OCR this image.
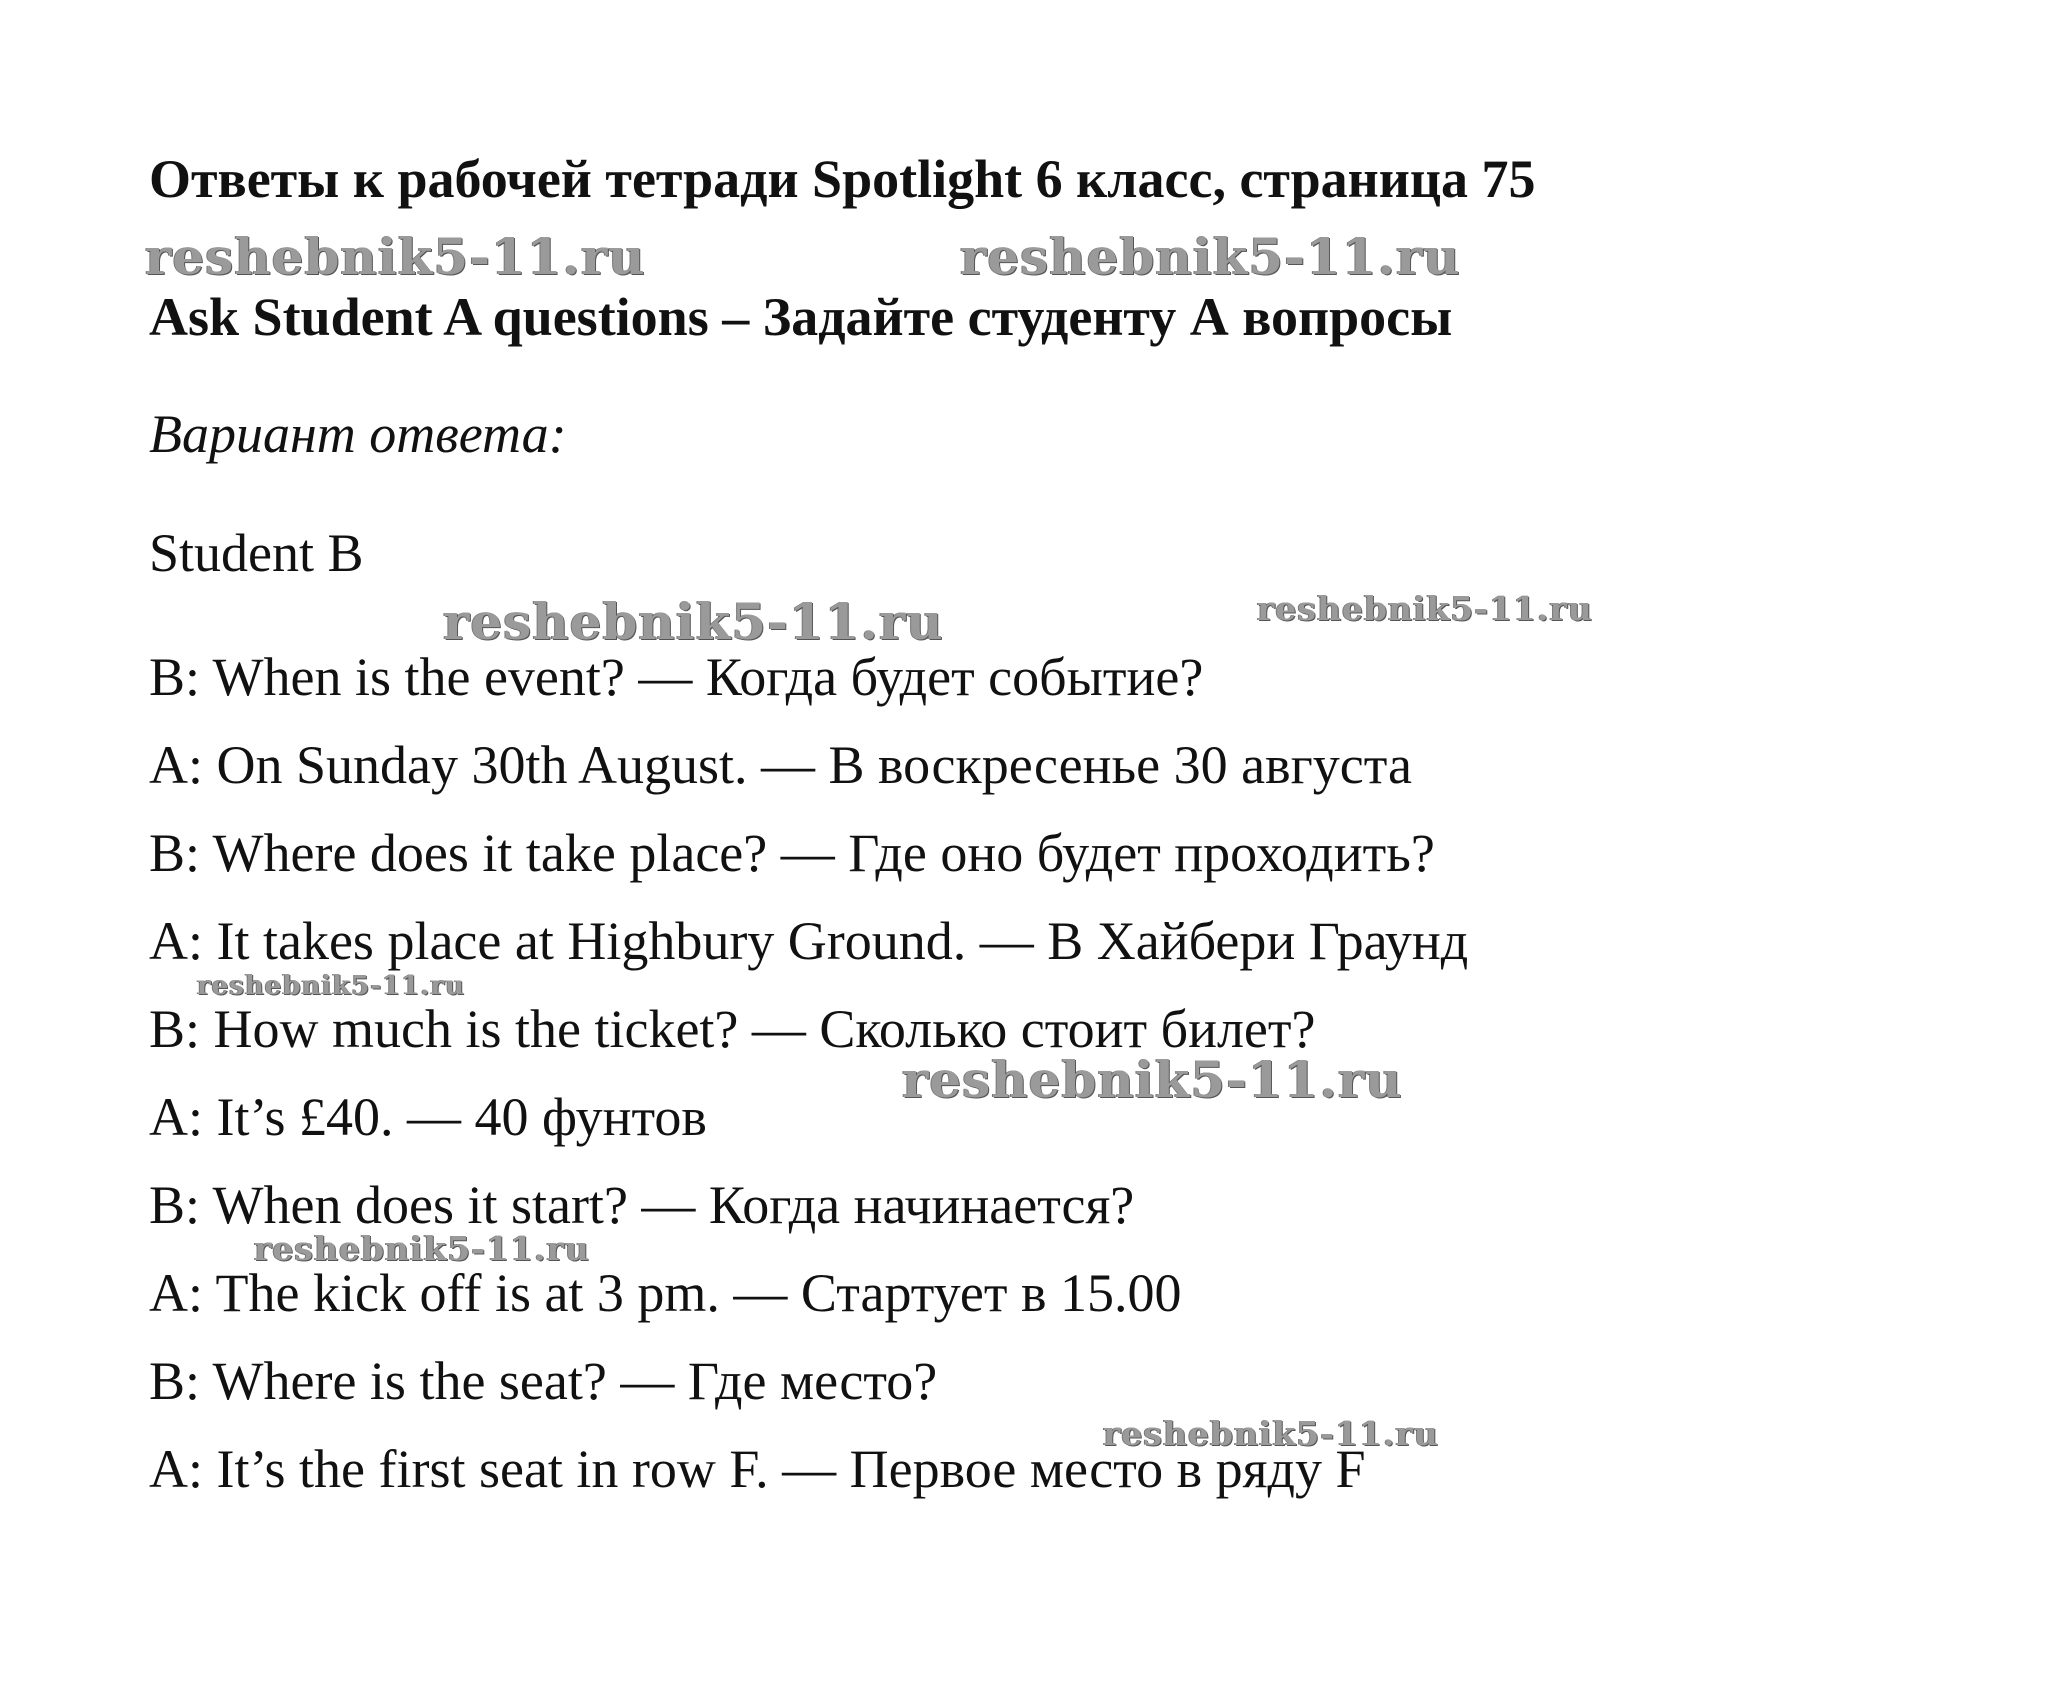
Ответы к рабочей тетради Spotlight 6 класс, страница 75
reshebnik5-11.ru	reshebnik5-11.ru
Ask Student A questions – Задайте студенту А вопросы
Вариант ответа:
Student B
reshebnik5-11.ru	reshebnik5-11.ru
B: When is the event? — Когда будет событие?
A: On Sunday 30th August. — В воскресенье 30 августа
B: Where does it take place? — Где оно будет проходить?
A: It takes place at Highbury Ground. — В Хайбери Граунд
reshebnik5-11.ru
B: How much is the ticket? — Сколько стоит билет?
reshebnik5-11.ru
A: It’s £40. — 40 фунтов
B: When does it start? — Когда начинается?
reshebnik5-11.ru
A: The kick off is at 3 pm. — Стартует в 15.00
B: Where is the seat? — Где место?
reshebnik5-11.ru
A: It’s the first seat in row F. — Первое место в ряду F
